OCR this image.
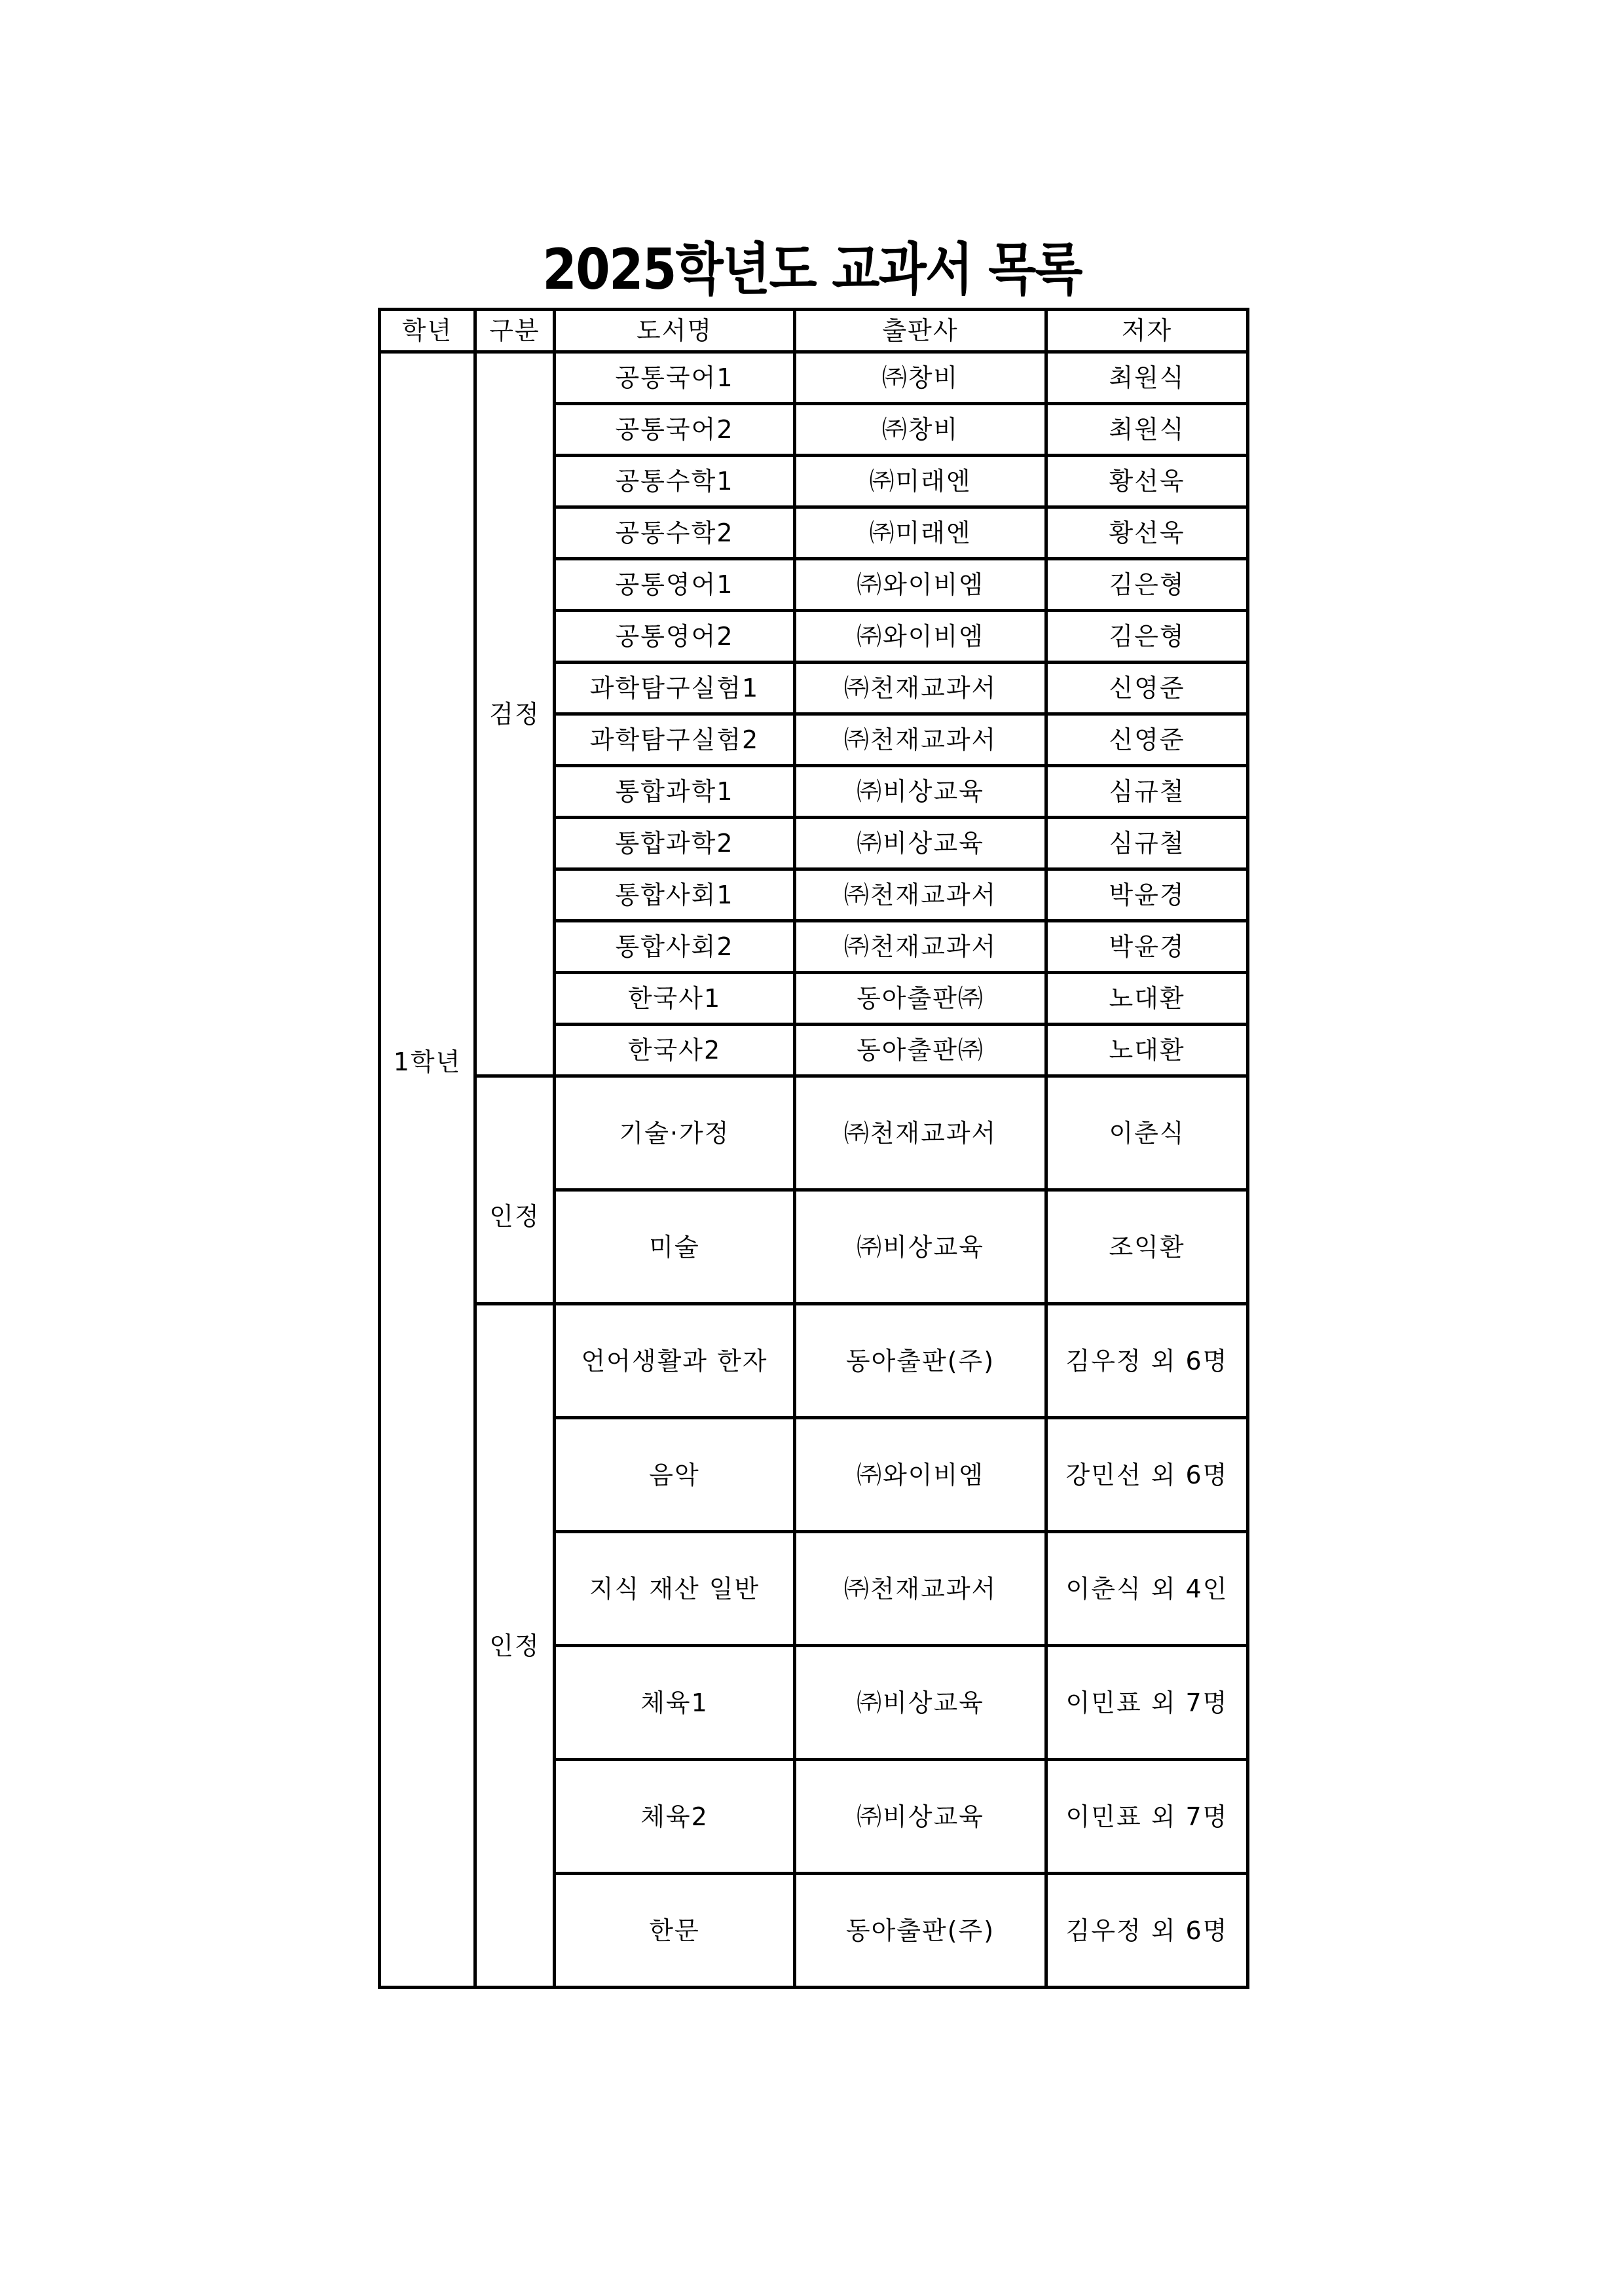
2025학년도 교과서 목록
학년	구분	도서명	출판사	저자
1학년	검정	공통국어1	㈜창비	최원식
		공통국어2	㈜창비	최원식
		공통수학1	㈜미래엔	황선욱
		공통수학2	㈜미래엔	황선욱
		공통영어1	㈜와이비엠	김은형
		공통영어2	㈜와이비엠	김은형
		과학탐구실험1	㈜천재교과서	신영준
		과학탐구실험2	㈜천재교과서	신영준
		통합과학1	㈜비상교육	심규철
		통합과학2	㈜비상교육	심규철
		통합사회1	㈜천재교과서	박윤경
		통합사회2	㈜천재교과서	박윤경
		한국사1	동아출판㈜	노대환
		한국사2	동아출판㈜	노대환
	인정	기술·가정	㈜천재교과서	이춘식
		미술	㈜비상교육	조익환
	인정	언어생활과 한자	동아출판(주)	김우정 외 6명
		음악	㈜와이비엠	강민선 외 6명
		지식 재산 일반	㈜천재교과서	이춘식 외 4인
		체육1	㈜비상교육	이민표 외 7명
		체육2	㈜비상교육	이민표 외 7명
		한문	동아출판(주)	김우정 외 6명
